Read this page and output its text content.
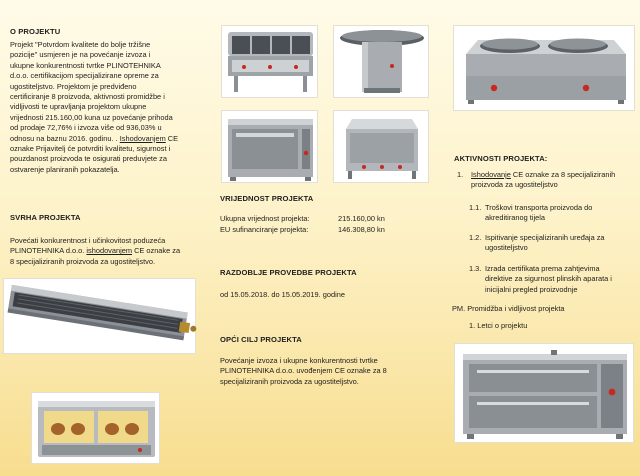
O PROJEKTU
Projekt "Potvrdom kvalitete do bolje tržišne
pozicije" usmjeren je na povećanje izvoza i
ukupne konkurentnosti tvrtke PLINOTEHNIKA
d.o.o. certifikacijom specijalizirane opreme za
ugostiteljstvo. Projektom je predviđeno
certificiranje 8 proizvoda, aktivnosti promidžbe i
vidljivosti te upravljanja projektom ukupne
vrijednosti 215.160,00 kuna uz povećanje prihoda
od prodaje 72,76% i izvoza više od 936,03% u
odnosu na baznu 2016. godinu. . Ishodovanjem CE
oznake Prijavitelj će potvrditi kvalitetu, sigurnost i
pouzdanost proizvoda te osigurati preduvjete za
ostvarenje planiranih pokazatelja.
SVRHA PROJEKTA
Povećati konkurentnost i učinkovitost poduzeća
PLINOTEHNIKA d.o.o. ishodovanjem CE oznake za
8 specijaliziranih proizvoda za ugostiteljstvo.
VRIJEDNOST PROJEKTA
Ukupna vrijednost projekta:	215.160,00 kn
EU sufinanciranje projekta:	146.308,80 kn
RAZDOBLJE PROVEDBE PROJEKTA
od 15.05.2018. do 15.05.2019. godine
OPĆI CILJ PROJEKTA
Povećanje izvoza i ukupne konkurentnosti tvrtke
PLINOTEHNIKA d.o.o. uvođenjem CE oznake za 8
specijaliziranih proizvoda za ugostiteljstvo.
AKTIVNOSTI PROJEKTA:
1. Ishodovanje CE oznake za 8 specijaliziranih
proizvoda za ugostiteljstvo
1.1. Troškovi transporta proizvoda do
akreditiranog tijela
1.2. Ispitivanje specijaliziranih uređaja za
ugostiteljstvo
1.3. Izrada certifikata prema zahtjevima
direktive za sigurnost plinskih aparata i
inicijalni pregled proizvodnje
PM. Promidžba i vidljivost projekta
1. Letci o projektu
